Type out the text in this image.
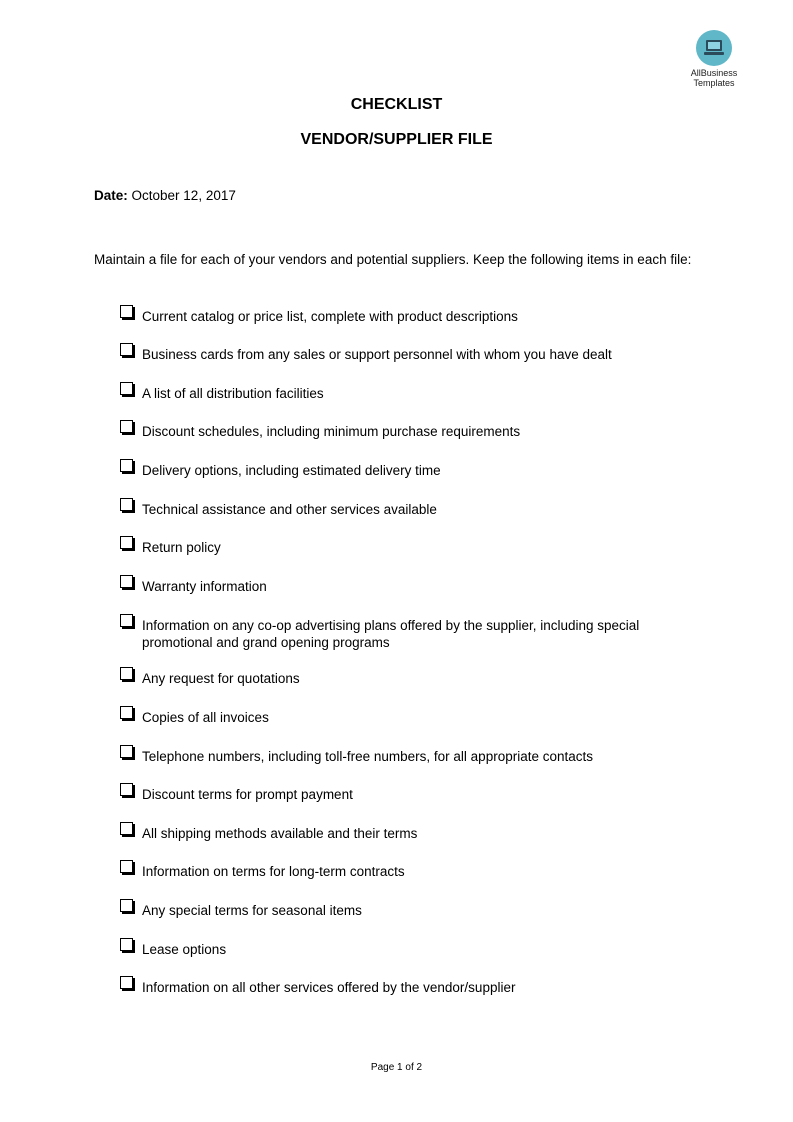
AllBusiness
Templates
CHECKLIST
VENDOR/SUPPLIER FILE
Date: October 12, 2017
Maintain a file for each of your vendors and potential suppliers. Keep the following items in each file:
Current catalog or price list, complete with product descriptions
Business cards from any sales or support personnel with whom you have dealt
A list of all distribution facilities
Discount schedules, including minimum purchase requirements
Delivery options, including estimated delivery time
Technical assistance and other services available
Return policy
Warranty information
Information on any co-op advertising plans offered by the supplier, including special promotional and grand opening programs
Any request for quotations
Copies of all invoices
Telephone numbers, including toll-free numbers, for all appropriate contacts
Discount terms for prompt payment
All shipping methods available and their terms
Information on terms for long-term contracts
Any special terms for seasonal items
Lease options
Information on all other services offered by the vendor/supplier
Page 1 of 2
